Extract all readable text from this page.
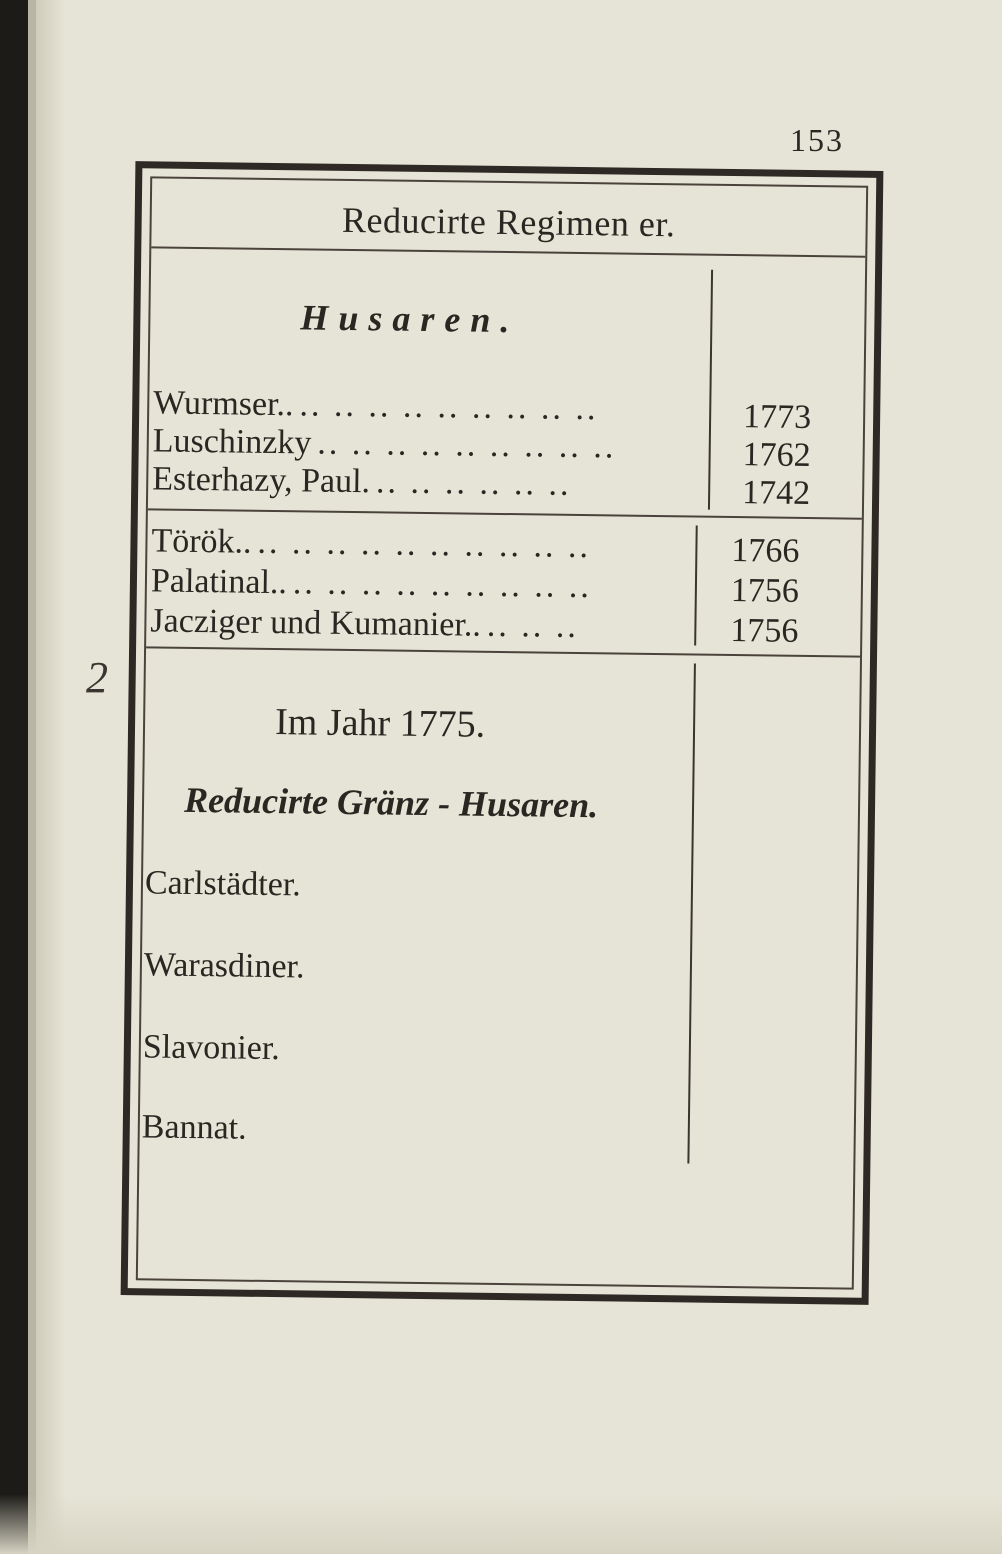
153
2
Reducirte Regimen er.
Husaren.
Wurmser.. .. .. .. .. .. .. .. .. ..	1773
Luschinzky .. .. .. .. .. .. .. .. ..	1762
Esterhazy, Paul. .. .. .. .. .. ..	1742
Török.. .. .. .. .. .. .. .. .. .. ..	1766
Palatinal.. .. .. .. .. .. .. .. .. ..	1756
Jacziger und Kumanier.. .. .. ..	1756
Im Jahr 1775.
Reducirte Gränz - Husaren.
Carlstädter.
Warasdiner.
Slavonier.
Bannat.
